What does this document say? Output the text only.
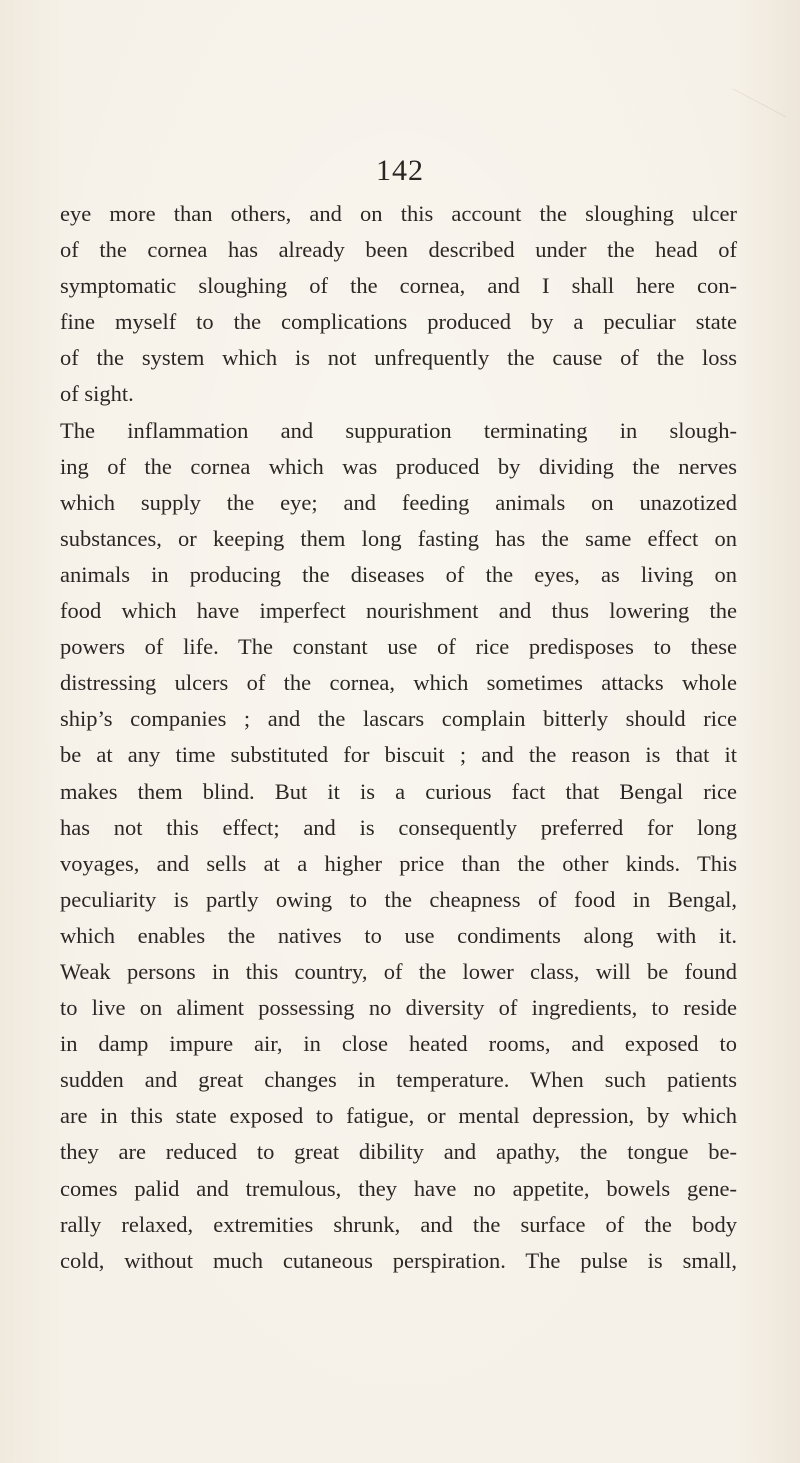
142
eye more than others, and on this account the sloughing ulcer
of the cornea has already been described under the head of
symptomatic sloughing of the cornea, and I shall here con-
fine myself to the complications produced by a peculiar state
of the system which is not unfrequently the cause of the loss
of sight.
The inflammation and suppuration terminating in slough-
ing of the cornea which was produced by dividing the nerves
which supply the eye; and feeding animals on unazotized
substances, or keeping them long fasting has the same effect on
animals in producing the diseases of the eyes, as living on
food which have imperfect nourishment and thus lowering the
powers of life. The constant use of rice predisposes to these
distressing ulcers of the cornea, which sometimes attacks whole
ship’s companies ; and the lascars complain bitterly should rice
be at any time substituted for biscuit ; and the reason is that it
makes them blind. But it is a curious fact that Bengal rice
has not this effect; and is consequently preferred for long
voyages, and sells at a higher price than the other kinds. This
peculiarity is partly owing to the cheapness of food in Bengal,
which enables the natives to use condiments along with it.
Weak persons in this country, of the lower class, will be found
to live on aliment possessing no diversity of ingredients, to reside
in damp impure air, in close heated rooms, and exposed to
sudden and great changes in temperature. When such patients
are in this state exposed to fatigue, or mental depression, by which
they are reduced to great dibility and apathy, the tongue be-
comes palid and tremulous, they have no appetite, bowels gene-
rally relaxed, extremities shrunk, and the surface of the body
cold, without much cutaneous perspiration. The pulse is small,
